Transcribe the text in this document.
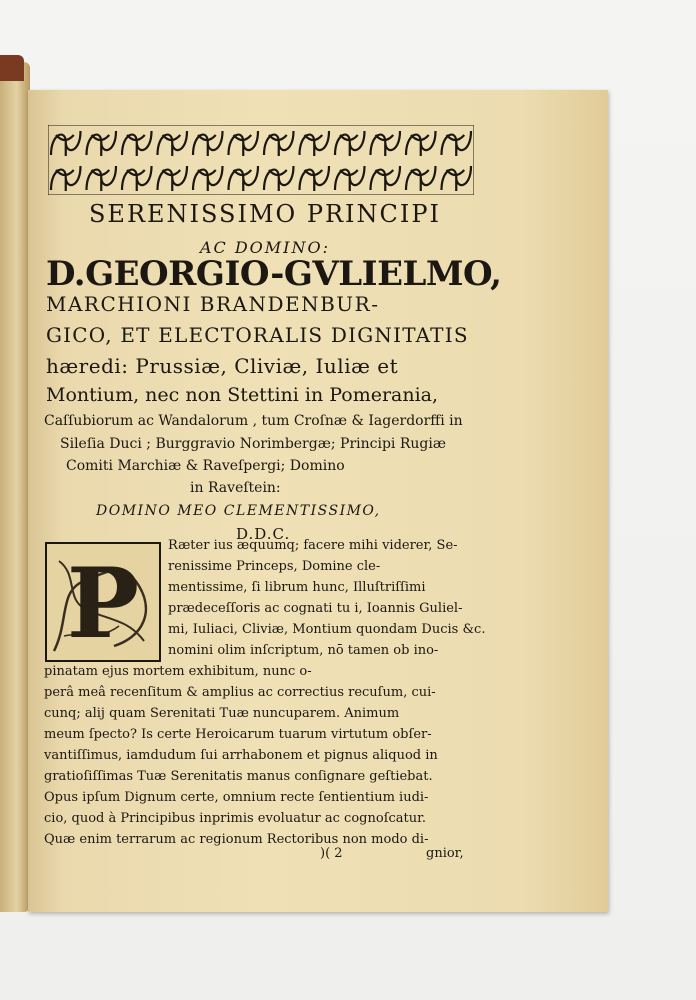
SERENISSIMO PRINCIPI
AC DOMINO:
D.GEORGIO-GVLIELMO,
MARCHIONI BRANDENBUR-
GICO, ET ELECTORALIS DIGNITATIS
hæredi: Prussiæ, Cliviæ, Iuliæ et
Montium, nec non Stettini in Pomerania,
Caſſubiorum ac Wandalorum , tum Croſnæ & Iagerdorffi in
Sileſia Duci ; Burggravio Norimbergæ; Principi Rugiæ
Comiti Marchiæ & Raveſpergi; Domino
in Raveſtein:
DOMINO MEO CLEMENTISSIMO,
D.D.C.
P
Ræter ius æquumq; facere mihi viderer, Se-
renissime Princeps, Domine cle-
mentissime, ſi librum hunc, Illuſtriſſimi
prædeceſſoris ac cognati tu i, Ioannis Guliel-
mi, Iuliaci, Cliviæ, Montium quondam Ducis &c.
nomini olim inſcriptum, nō tamen ob ino-
pinatam ejus mortem exhibitum, nunc o-
perâ meâ recenſitum & amplius ac correctius recuſum, cui-
cunq; alij quam Serenitati Tuæ nuncuparem. Animum
meum ſpecto? Is certe Heroicarum tuarum virtutum obſer-
vantiſſimus, iamdudum ſui arrhabonem et pignus aliquod in
gratioſiſſimas Tuæ Serenitatis manus conſignare geſtiebat.
Opus ipſum Dignum certe, omnium recte ſentientium iudi-
cio, quod à Principibus inprimis evoluatur ac cognoſcatur.
Quæ enim terrarum ac regionum Rectoribus non modo di-
)( 2	gnior,
